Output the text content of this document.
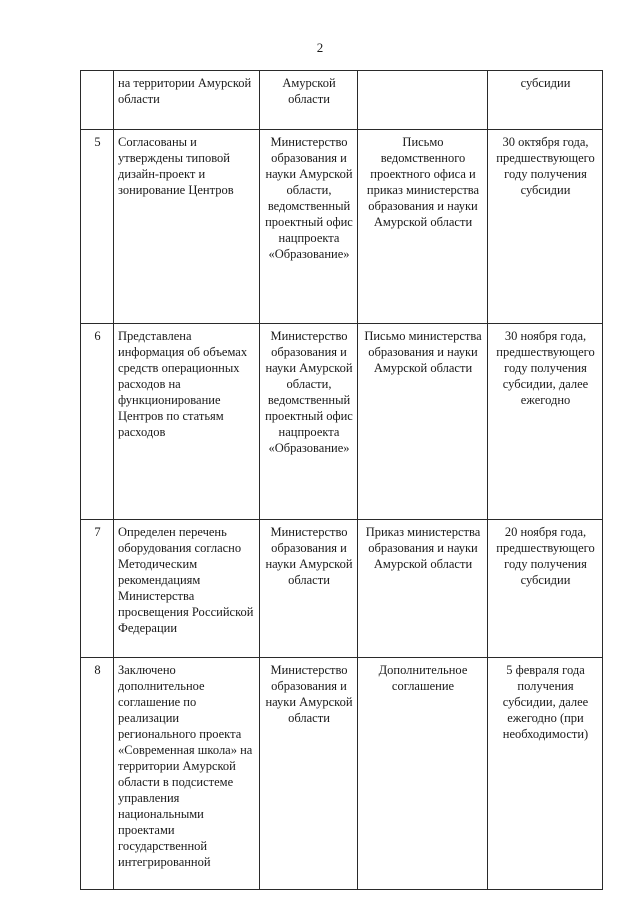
2
	на территории Амурской области	Амурской области		субсидии
5	Согласованы и утверждены типовой дизайн-проект и зонирование Центров	Министерство образования и науки Амурской области, ведомственный проектный офис нацпроекта «Образование»	Письмо ведомственного проектного офиса и приказ министерства образования и науки Амурской области	30 октября года, предшествующего году получения субсидии
6	Представлена информация об объемах средств операционных расходов на функционирование Центров по статьям расходов	Министерство образования и науки Амурской области, ведомственный проектный офис нацпроекта «Образование»	Письмо министерства образования и науки Амурской области	30 ноября года, предшествующего году получения субсидии, далее ежегодно
7	Определен перечень оборудования согласно Методическим рекомендациям Министерства просвещения Российской Федерации	Министерство образования и науки Амурской области	Приказ министерства образования и науки Амурской области	20 ноября года, предшествующего году получения субсидии
8	Заключено дополнительное соглашение по реализации регионального проекта «Современная школа» на территории Амурской области в подсистеме управления национальными проектами государственной интегрированной	Министерство образования и науки Амурской области	Дополнительное соглашение	5 февраля года получения субсидии, далее ежегодно (при необходимости)
